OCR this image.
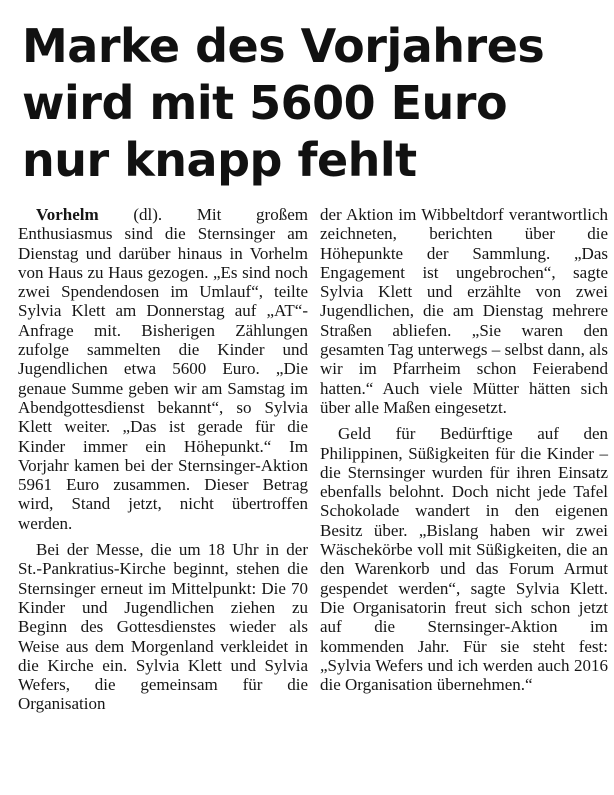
Marke des Vorjahres
wird mit 5600 Euro
nur knapp fehlt

Vorhelm (dl). Mit großem Enthusiasmus sind die Sternsinger am Dienstag und darüber hinaus in Vorhelm von Haus zu Haus gezogen. „Es sind noch zwei Spendendosen im Umlauf“, teilte Sylvia Klett am Donnerstag auf „AT“-Anfrage mit. Bisherigen Zählungen zufolge sammelten die Kinder und Jugendlichen etwa 5600 Euro. „Die genaue Summe geben wir am Samstag im Abendgottesdienst bekannt“, so Sylvia Klett weiter. „Das ist gerade für die Kinder immer ein Höhepunkt.“ Im Vorjahr kamen bei der Sternsinger-Aktion 5961 Euro zusammen. Dieser Betrag wird, Stand jetzt, nicht übertroffen werden.

Bei der Messe, die um 18 Uhr in der St.-Pankratius-Kirche beginnt, stehen die Sternsinger erneut im Mittelpunkt: Die 70 Kinder und Jugendlichen ziehen zu Beginn des Gottesdienstes wieder als Weise aus dem Morgenland verkleidet in die Kirche ein. Sylvia Klett und Sylvia Wefers, die gemeinsam für die Organisation

der Aktion im Wibbeltdorf verantwortlich zeichneten, berichten über die Höhepunkte der Sammlung. „Das Engagement ist ungebrochen“, sagte Sylvia Klett und erzählte von zwei Jugendlichen, die am Dienstag mehrere Straßen abliefen. „Sie waren den gesamten Tag unterwegs – selbst dann, als wir im Pfarrheim schon Feierabend hatten.“ Auch viele Mütter hätten sich über alle Maßen eingesetzt.

Geld für Bedürftige auf den Philippinen, Süßigkeiten für die Kinder – die Sternsinger wurden für ihren Einsatz ebenfalls belohnt. Doch nicht jede Tafel Schokolade wandert in den eigenen Besitz über. „Bislang haben wir zwei Wäschekörbe voll mit Süßigkeiten, die an den Warenkorb und das Forum Armut gespendet werden“, sagte Sylvia Klett. Die Organisatorin freut sich schon jetzt auf die Sternsinger-Aktion im kommenden Jahr. Für sie steht fest: „Sylvia Wefers und ich werden auch 2016 die Organisation übernehmen.“
